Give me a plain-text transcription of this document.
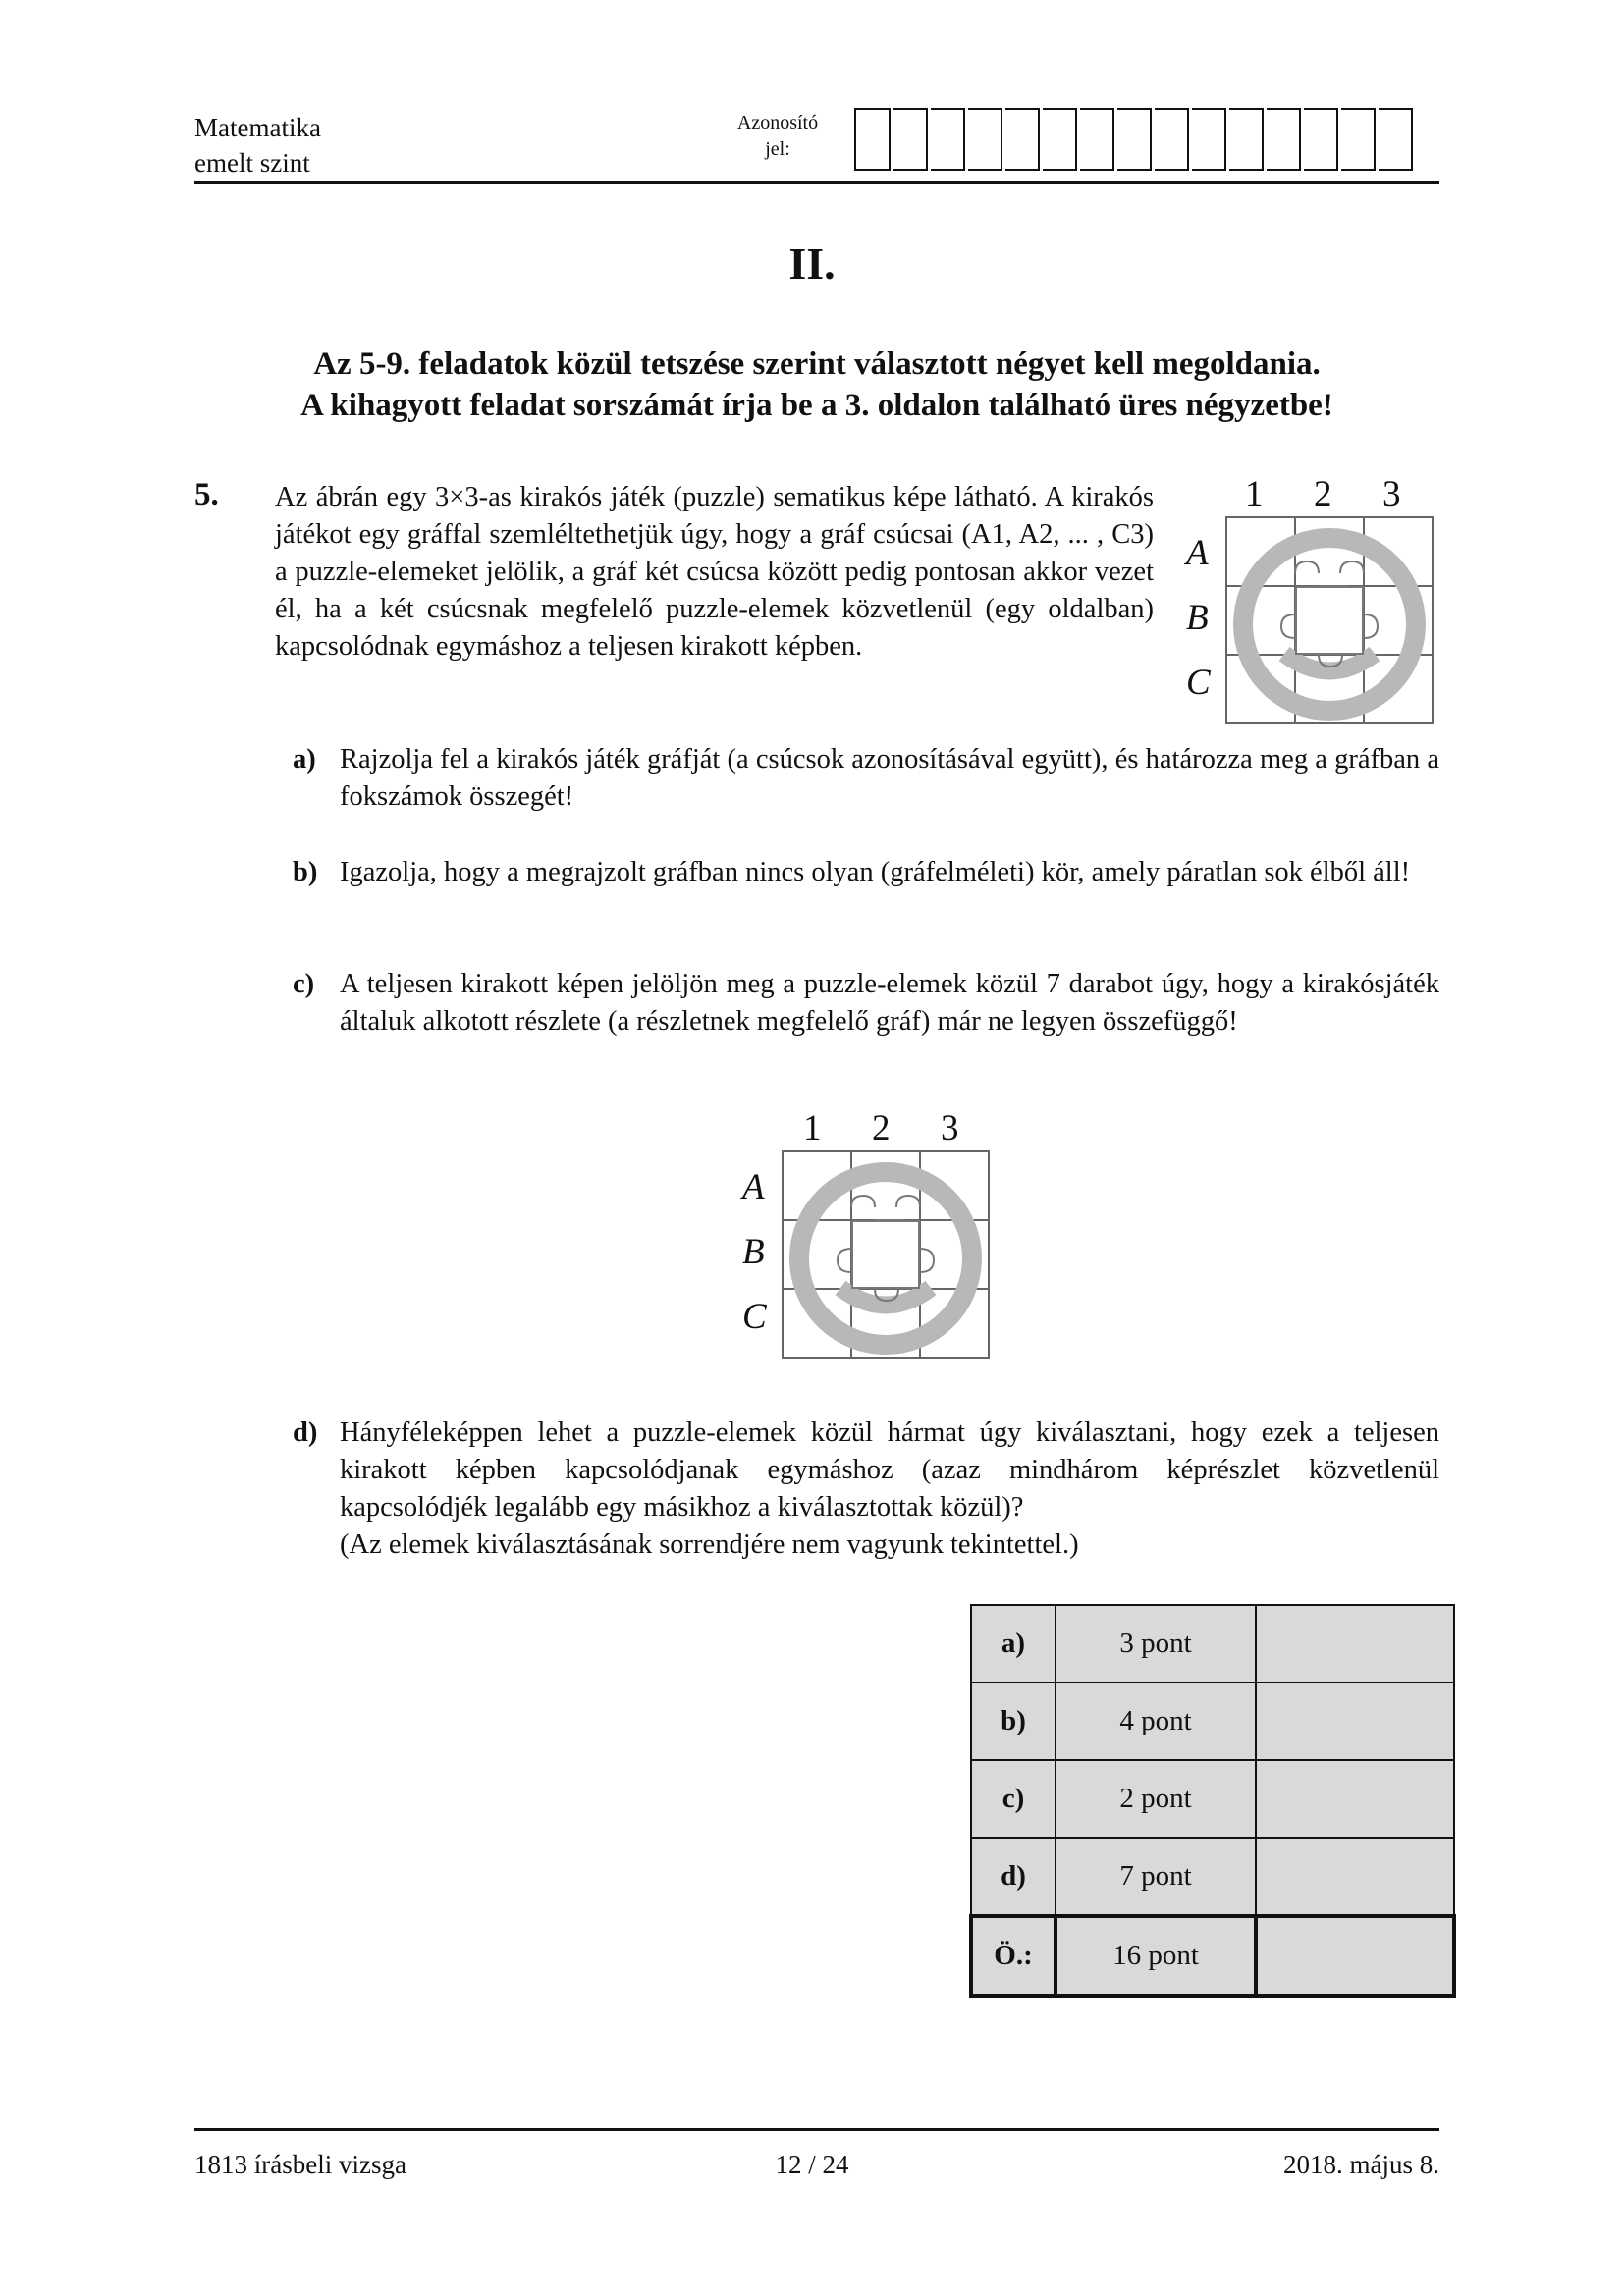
Matematika
emelt szint
Azonosító
jel:
II.
Az 5-9. feladatok közül tetszése szerint választott négyet kell megoldania.
A kihagyott feladat sorszámát írja be a 3. oldalon található üres négyzetbe!
5. Az ábrán egy 3×3-as kirakós játék (puzzle) sematikus képe látható. A kirakós játékot egy gráffal szemléltethetjük úgy, hogy a gráf csúcsai (A1, A2, ... , C3) a puzzle-elemeket jelölik, a gráf két csúcsa között pedig pontosan akkor vezet él, ha a két csúcsnak megfelelő puzzle-elemek közvetlenül (egy oldalban) kapcsolódnak egymáshoz a teljesen kirakott képben.
1 2 3
A
B
C
a) Rajzolja fel a kirakós játék gráfját (a csúcsok azonosításával együtt), és határozza meg a gráfban a fokszámok összegét!
b) Igazolja, hogy a megrajzolt gráfban nincs olyan (gráfelméleti) kör, amely páratlan sok élből áll!
c) A teljesen kirakott képen jelöljön meg a puzzle-elemek közül 7 darabot úgy, hogy a kirakósjáték általuk alkotott részlete (a részletnek megfelelő gráf) már ne legyen összefüggő!
1 2 3
A
B
C
d) Hányféleképpen lehet a puzzle-elemek közül hármat úgy kiválasztani, hogy ezek a teljesen kirakott képben kapcsolódjanak egymáshoz (azaz mindhárom képrészlet közvetlenül kapcsolódjék legalább egy másikhoz a kiválasztottak közül)?
(Az elemek kiválasztásának sorrendjére nem vagyunk tekintettel.)
a)	3 pont	
b)	4 pont	
c)	2 pont	
d)	7 pont	
Ö.:	16 pont	
1813 írásbeli vizsga	12 / 24	2018. május 8.
